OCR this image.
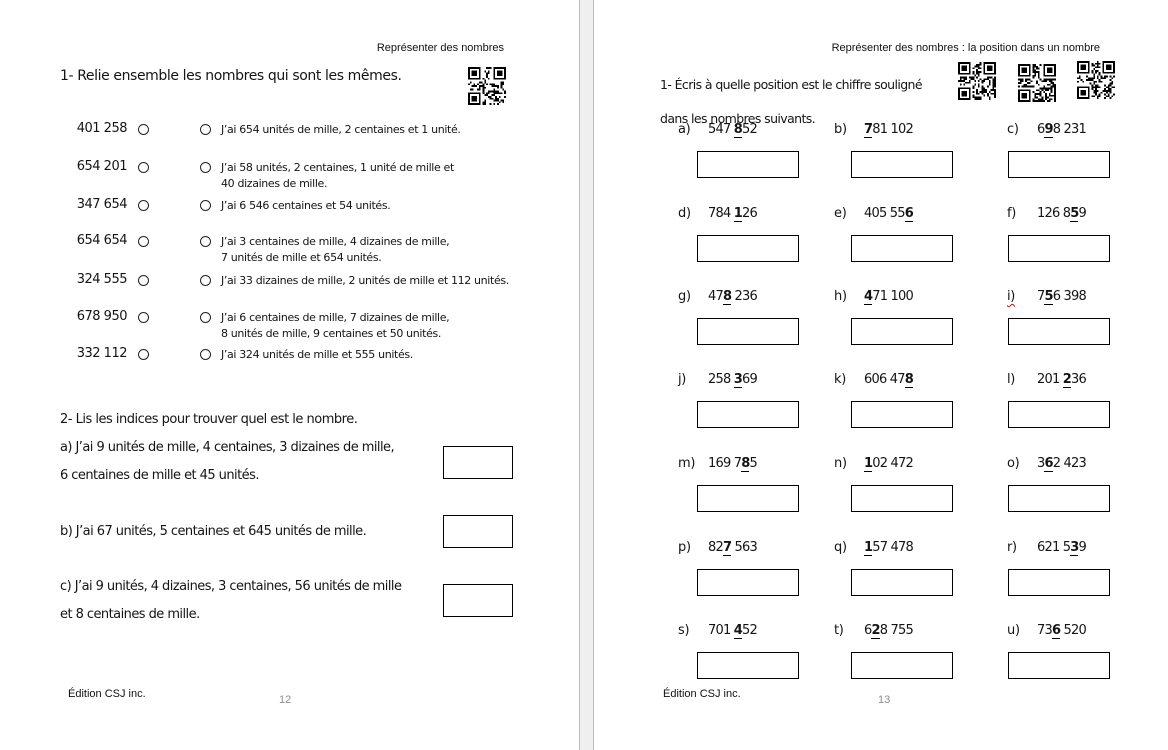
Représenter des nombres
1- Relie ensemble les nombres qui sont les mêmes.
401 258	J’ai 654 unités de mille, 2 centaines et 1 unité.
654 201	J’ai 58 unités, 2 centaines, 1 unité de mille et
40 dizaines de mille.
347 654	J’ai 6 546 centaines et 54 unités.
654 654	J’ai 3 centaines de mille, 4 dizaines de mille,
7 unités de mille et 654 unités.
324 555	J’ai 33 dizaines de mille, 2 unités de mille et 112 unités.
678 950	J’ai 6 centaines de mille, 7 dizaines de mille,
8 unités de mille, 9 centaines et 50 unités.
332 112	J’ai 324 unités de mille et 555 unités.
2- Lis les indices pour trouver quel est le nombre.
a) J’ai 9 unités de mille, 4 centaines, 3 dizaines de mille,
6 centaines de mille et 45 unités.
b) J’ai 67 unités, 5 centaines et 645 unités de mille.
c) J’ai 9 unités, 4 dizaines, 3 centaines, 56 unités de mille
et 8 centaines de mille.
Édition CSJ inc.	12
Représenter des nombres : la position dans un nombre
1- Écris à quelle position est le chiffre souligné
dans les nombres suivants.
a)	547 852	b)	781 102	c)	698 231
d)	784 126	e)	405 556	f)	126 859
g)	478 236	h)	471 100	i)	756 398
j)	258 369	k)	606 478	l)	201 236
m) 169 785	n)	102 472	o)	362 423
p)	827 563	q)	157 478	r)	621 539
s)	701 452	t)	628 755	u)	736 520
Édition CSJ inc.	13
